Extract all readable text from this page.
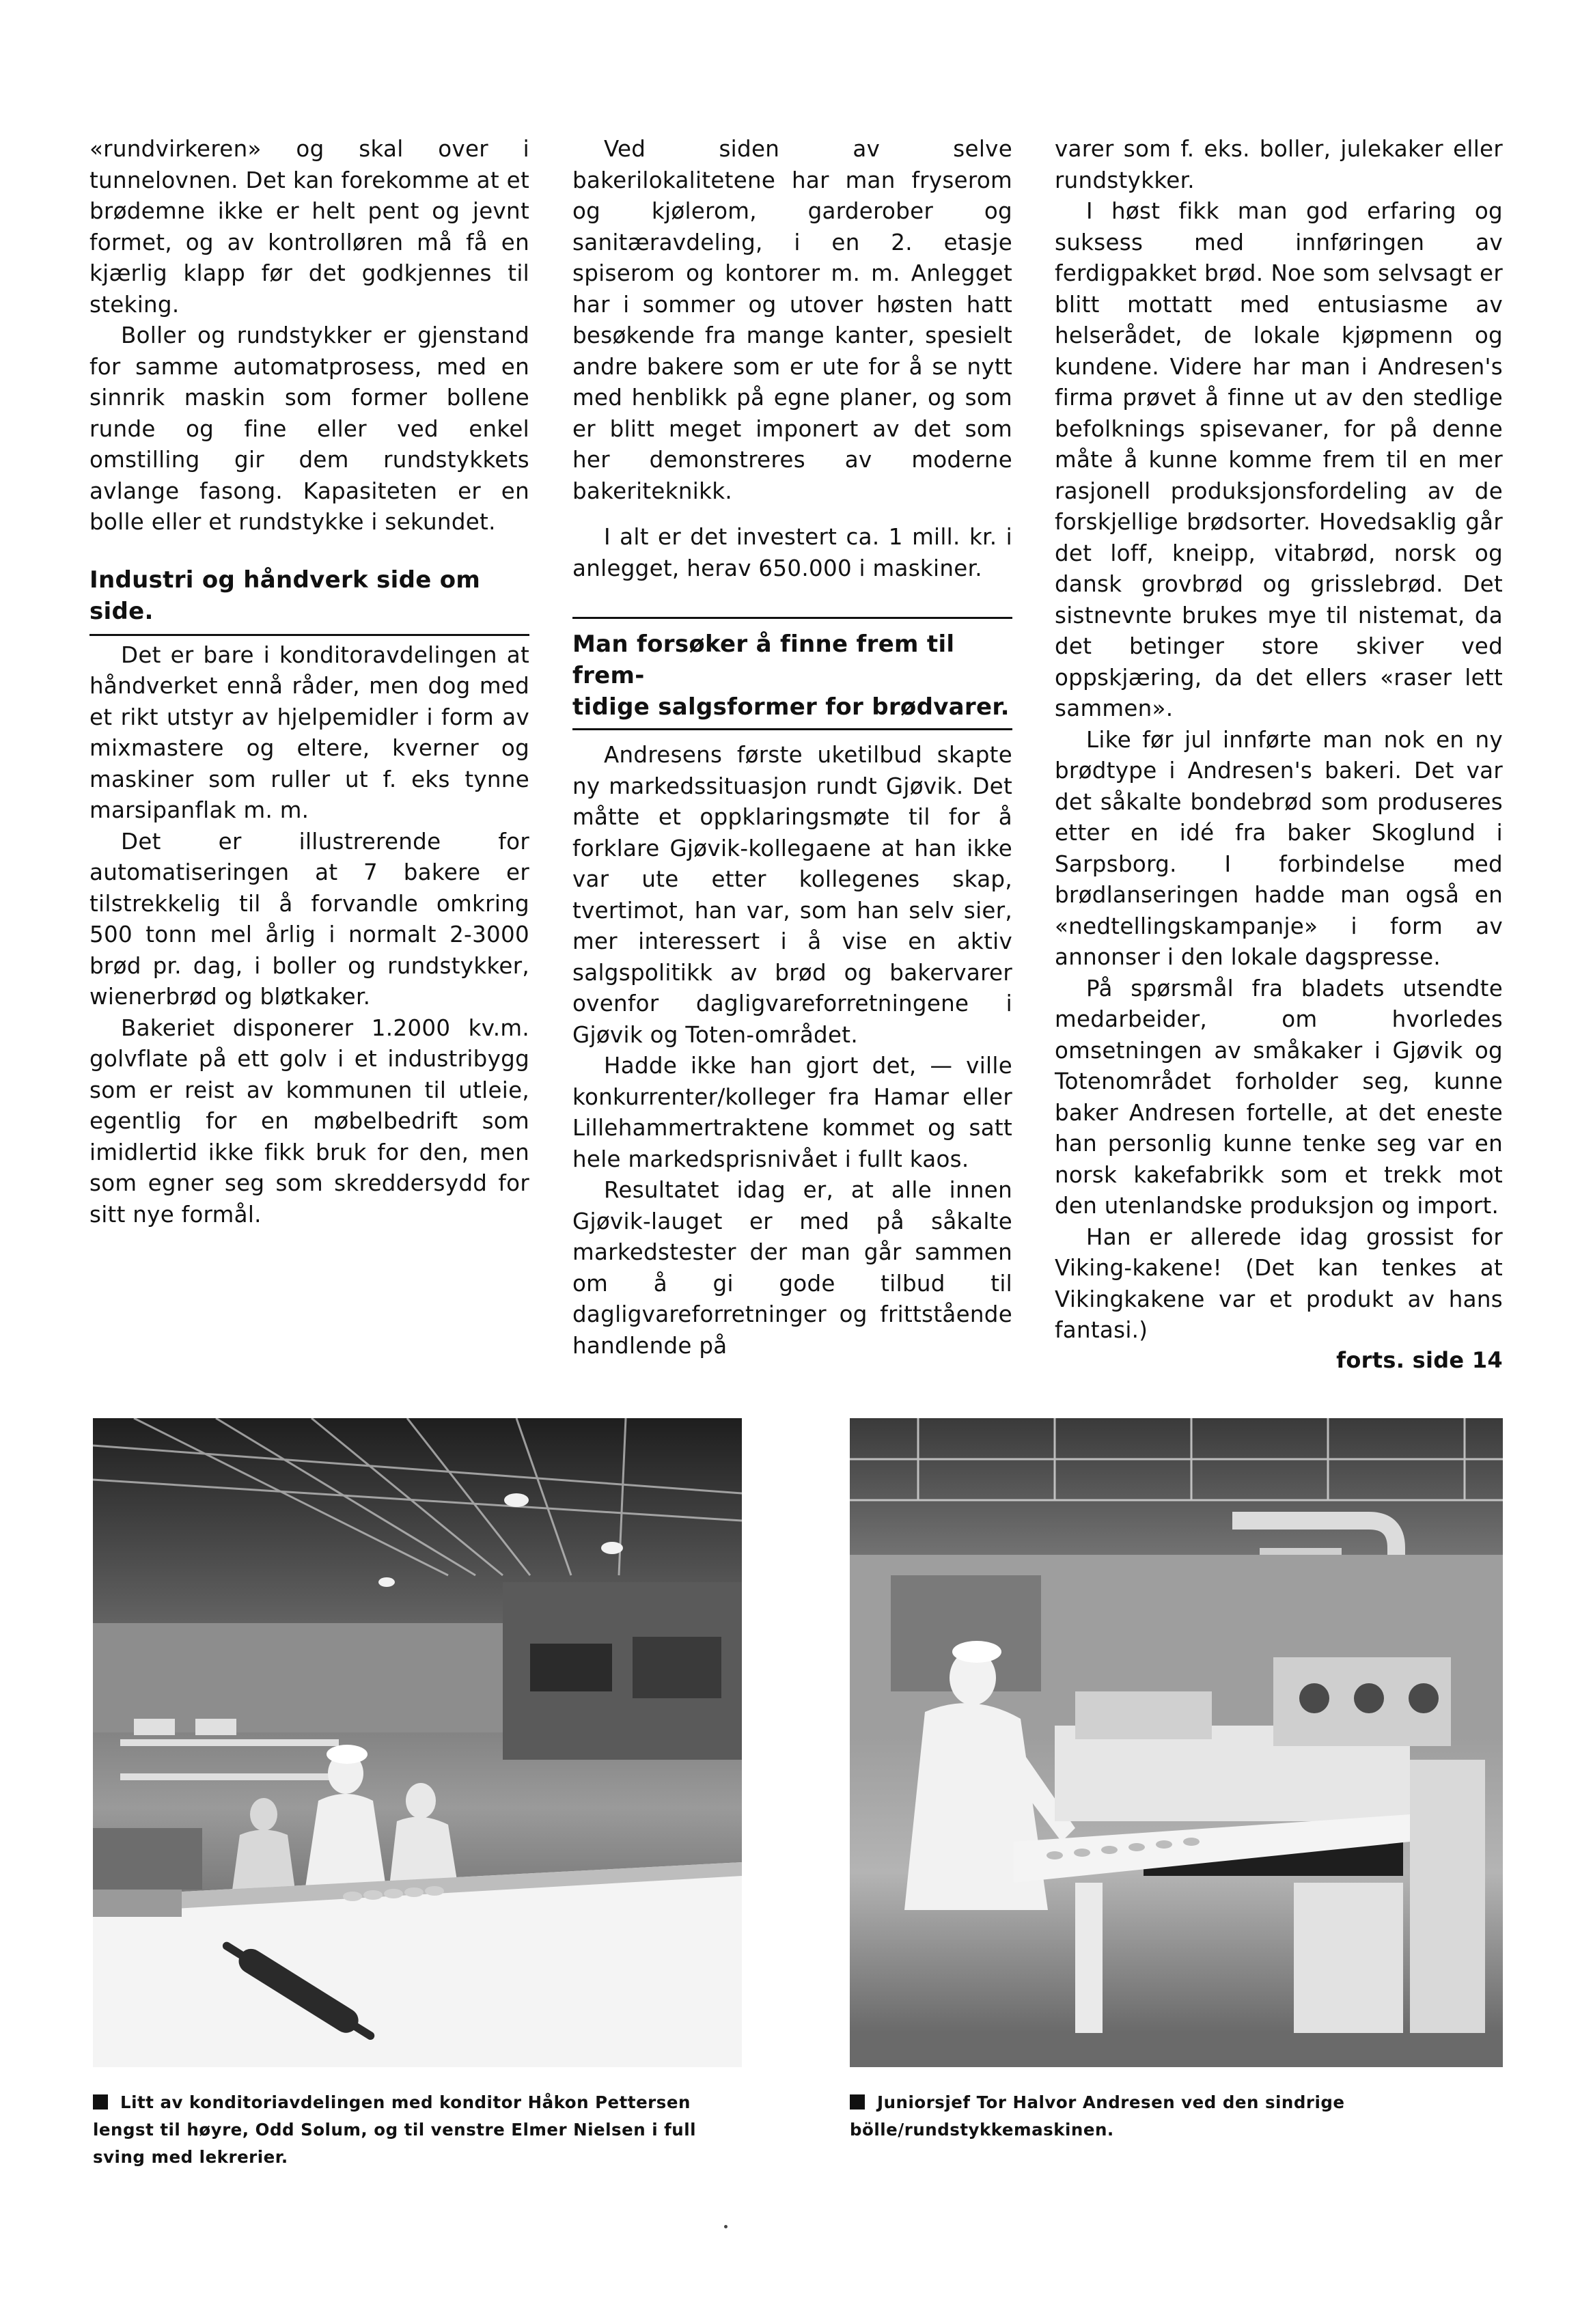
«rundvirkeren» og skal over i tunnelovnen. Det kan forekomme at et brødemne ikke er helt pent og jevnt formet, og av kontrolløren må få en kjærlig klapp før det godkjennes til steking.

Boller og rundstykker er gjenstand for samme automatprosess, med en sinnrik maskin som former bollene runde og fine eller ved enkel omstilling gir dem rundstykkets avlange fasong. Kapasiteten er en bolle eller et rundstykke i sekundet.

Industri og håndverk side om side.

Det er bare i konditoravdelingen at håndverket ennå råder, men dog med et rikt utstyr av hjelpemidler i form av mixmastere og eltere, kverner og maskiner som ruller ut f. eks tynne marsipanflak m. m.

Det er illustrerende for automatiseringen at 7 bakere er tilstrekkelig til å forvandle omkring 500 tonn mel årlig i normalt 2-3000 brød pr. dag, i boller og rundstykker, wienerbrød og bløtkaker.

Bakeriet disponerer 1.2000 kv.m. golvflate på ett golv i et industribygg som er reist av kommunen til utleie, egentlig for en møbelbedrift som imidlertid ikke fikk bruk for den, men som egner seg som skreddersydd for sitt nye formål.

Ved siden av selve bakerilokalitetene har man fryserom og kjølerom, garderober og sanitæravdeling, i en 2. etasje spiserom og kontorer m. m. Anlegget har i sommer og utover høsten hatt besøkende fra mange kanter, spesielt andre bakere som er ute for å se nytt med henblikk på egne planer, og som er blitt meget imponert av det som her demonstreres av moderne bakeriteknikk.

I alt er det investert ca. 1 mill. kr. i anlegget, herav 650.000 i maskiner.

Man forsøker å finne frem til frem-
tidige salgsformer for brødvarer.

Andresens første uketilbud skapte ny markedssituasjon rundt Gjøvik. Det måtte et oppklaringsmøte til for å forklare Gjøvik-kollegaene at han ikke var ute etter kollegenes skap, tvertimot, han var, som han selv sier, mer interessert i å vise en aktiv salgspolitikk av brød og bakervarer ovenfor dagligvareforretningene i Gjøvik og Toten-området.

Hadde ikke han gjort det, — ville konkurrenter/kolleger fra Hamar eller Lillehammertraktene kommet og satt hele markedsprisnivået i fullt kaos.

Resultatet idag er, at alle innen Gjøvik-lauget er med på såkalte markedstester der man går sammen om å gi gode tilbud til dagligvareforretninger og frittstående handlende på

varer som f. eks. boller, julekaker eller rundstykker.

I høst fikk man god erfaring og suksess med innføringen av ferdigpakket brød. Noe som selvsagt er blitt mottatt med entusiasme av helserådet, de lokale kjøpmenn og kundene. Videre har man i Andresen's firma prøvet å finne ut av den stedlige befolknings spisevaner, for på denne måte å kunne komme frem til en mer rasjonell produksjonsfordeling av de forskjellige brødsorter. Hovedsaklig går det loff, kneipp, vitabrød, norsk og dansk grovbrød og grisslebrød. Det sistnevnte brukes mye til nistemat, da det betinger store skiver ved oppskjæring, da det ellers «raser lett sammen».

Like før jul innførte man nok en ny brødtype i Andresen's bakeri. Det var det såkalte bondebrød som produseres etter en idé fra baker Skoglund i Sarpsborg. I forbindelse med brødlanseringen hadde man også en «nedtellingskampanje» i form av annonser i den lokale dagspresse.

På spørsmål fra bladets utsendte medarbeider, om hvorledes omsetningen av småkaker i Gjøvik og Totenområdet forholder seg, kunne baker Andresen fortelle, at det eneste han personlig kunne tenke seg var en norsk kakefabrikk som et trekk mot den utenlandske produksjon og import.

Han er allerede idag grossist for Viking-kakene! (Det kan tenkes at Vikingkakene var et produkt av hans fantasi.)

forts. side 14
Litt av konditoriavdelingen med konditor Håkon Pettersen lengst til høyre, Odd Solum, og til venstre Elmer Nielsen i full sving med lekrerier.
Juniorsjef Tor Halvor Andresen ved den sindrige bölle/rundstykkemaskinen.
